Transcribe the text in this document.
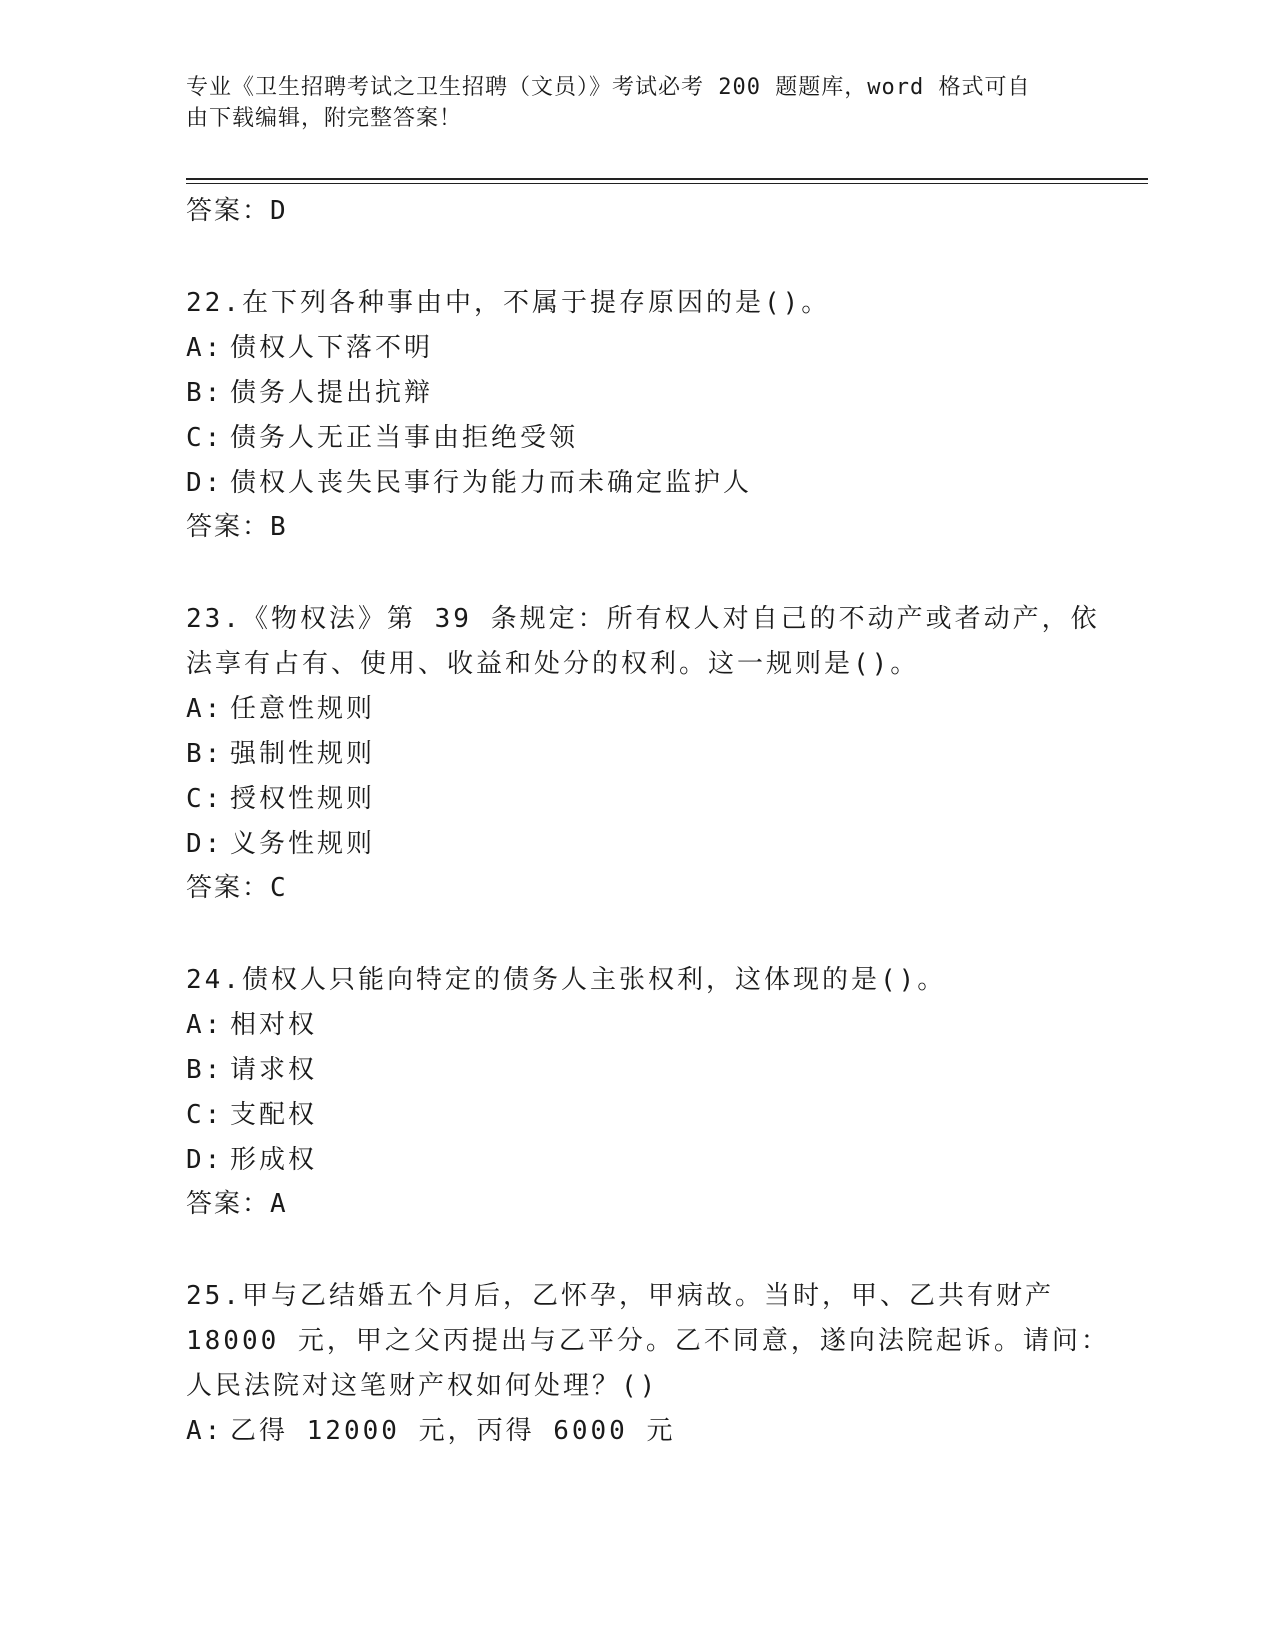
专业《卫生招聘考试之卫生招聘（文员）》考试必考 200 题题库，word 格式可自
由下载编辑，附完整答案！
答案：D
22.在下列各种事由中，不属于提存原因的是()。
A: 债权人下落不明
B: 债务人提出抗辩
C: 债务人无正当事由拒绝受领
D: 债权人丧失民事行为能力而未确定监护人
答案：B
23.《物权法》第 39 条规定：所有权人对自己的不动产或者动产，依
法享有占有、使用、收益和处分的权利。这一规则是()。
A: 任意性规则
B: 强制性规则
C: 授权性规则
D: 义务性规则
答案：C
24.债权人只能向特定的债务人主张权利，这体现的是()。
A: 相对权
B: 请求权
C: 支配权
D: 形成权
答案：A
25.甲与乙结婚五个月后，乙怀孕，甲病故。当时，甲、乙共有财产
18000 元，甲之父丙提出与乙平分。乙不同意，遂向法院起诉。请问：
人民法院对这笔财产权如何处理？()
A: 乙得 12000 元，丙得 6000 元
